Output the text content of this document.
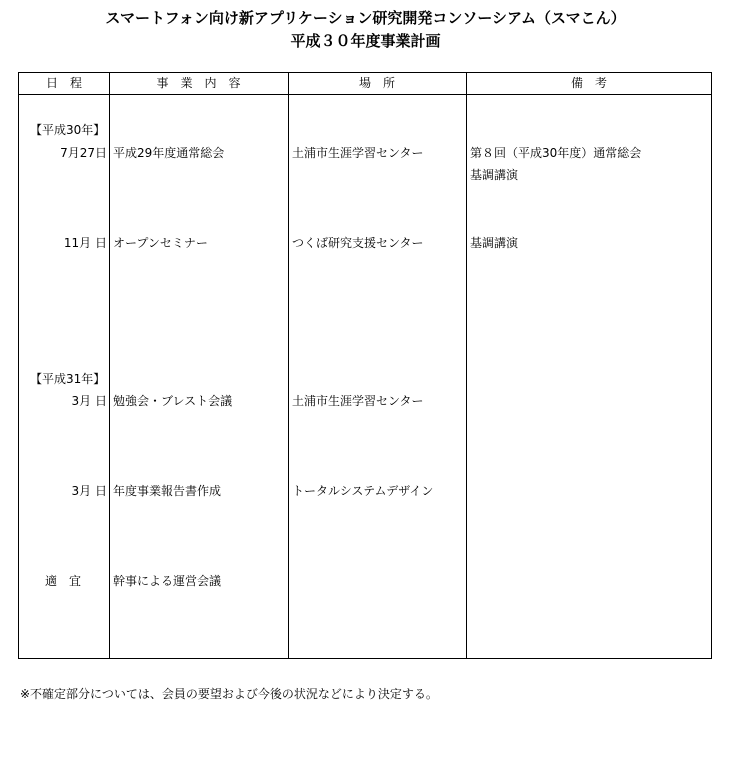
スマートフォン向け新アプリケーション研究開発コンソーシアム（スマこん）
平成３０年度事業計画
日　程	事　業　内　容	場　所	備　考
【平成30年】
7月27日 平成29年度通常総会	土浦市生涯学習センター	第８回（平成30年度）通常総会
基調講演
11月 日 オープンセミナー	つくば研究支援センター	基調講演
【平成31年】
3月 日 勉強会・ブレスト会議	土浦市生涯学習センター
3月 日 年度事業報告書作成	トータルシステムデザイン
適　宜	幹事による運営会議
※不確定部分については、会員の要望および今後の状況などにより決定する。
